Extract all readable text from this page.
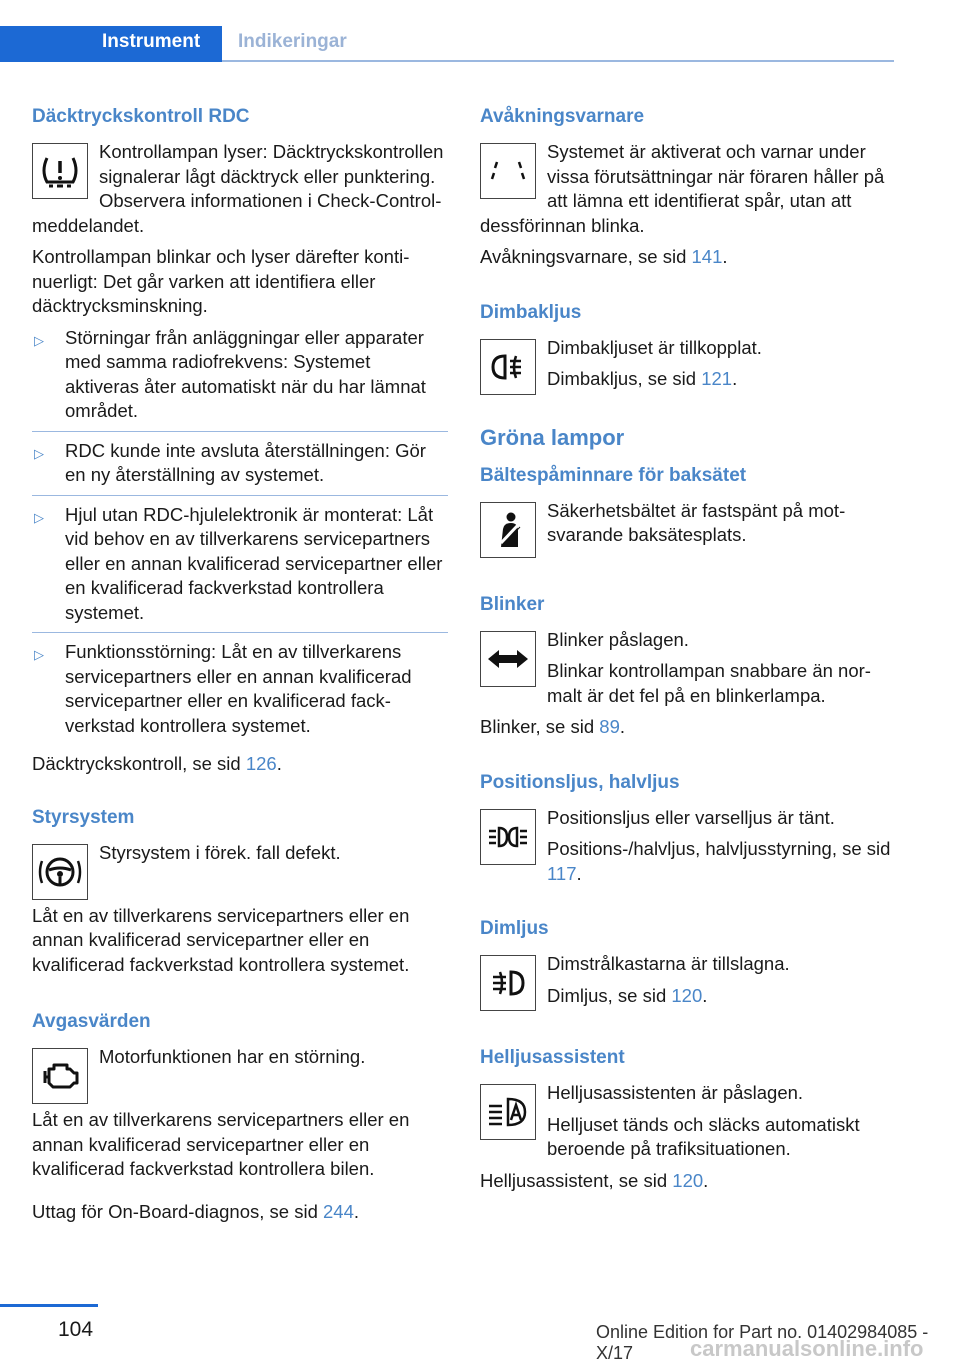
Instrument	Indikeringar
Däcktryckskontroll RDC

Kontrollampan lyser: Däcktryckskontrollen signalerar lågt däcktryck eller punktering. Observera informationen i Check-Control-meddelandet.

Kontrollampan blinkar och lyser därefter kontinuerligt: Det går varken att identifiera eller däcktrycksminskning.

▷ Störningar från anläggningar eller apparater med samma radiofrekvens: Systemet aktiveras åter automatiskt när du har lämnat området.
▷ RDC kunde inte avsluta återställningen: Gör en ny återställning av systemet.
▷ Hjul utan RDC-hjulelektronik är monterat: Låt vid behov en av tillverkarens servicepartners eller en annan kvalificerad servicepartner eller en kvalificerad fackverkstad kontrollera systemet.
▷ Funktionsstörning: Låt en av tillverkarens servicepartners eller en annan kvalificerad servicepartner eller en kvalificerad fackverkstad kontrollera systemet.

Däcktryckskontroll, se sid 126.

Styrsystem

Styrsystem i förek. fall defekt.

Låt en av tillverkarens servicepartners eller en annan kvalificerad servicepartner eller en kvalificerad fackverkstad kontrollera systemet.

Avgasvärden

Motorfunktionen har en störning.

Låt en av tillverkarens servicepartners eller en annan kvalificerad servicepartner eller en kvalificerad fackverkstad kontrollera bilen.

Uttag för On-Board-diagnos, se sid 244.

Avåkningsvarnare

Systemet är aktiverat och varnar under vissa förutsättningar när föraren håller på att lämna ett identifierat spår, utan att dessförinnan blinka.

Avåkningsvarnare, se sid 141.

Dimbakljus

Dimbakljuset är tillkopplat.

Dimbakljus, se sid 121.

Gröna lampor
Bältespåminnare för baksätet

Säkerhetsbältet är fastspänt på motsvarande baksätesplats.

Blinker

Blinker påslagen.

Blinkar kontrollampan snabbare än normalt är det fel på en blinkerlampa.

Blinker, se sid 89.

Positionsljus, halvljus

Positionsljus eller varselljus är tänt.

Positions-/halvljus, halvljusstyrning, se sid 117.

Dimljus

Dimstrålkastarna är tillslagna.

Dimljus, se sid 120.

Helljusassistent

Helljusassistenten är påslagen.

Helljuset tänds och släcks automatiskt beroende på trafiksituationen.

Helljusassistent, se sid 120.

104	Online Edition for Part no. 01402984085 - X/17	carmanualsonline.info
